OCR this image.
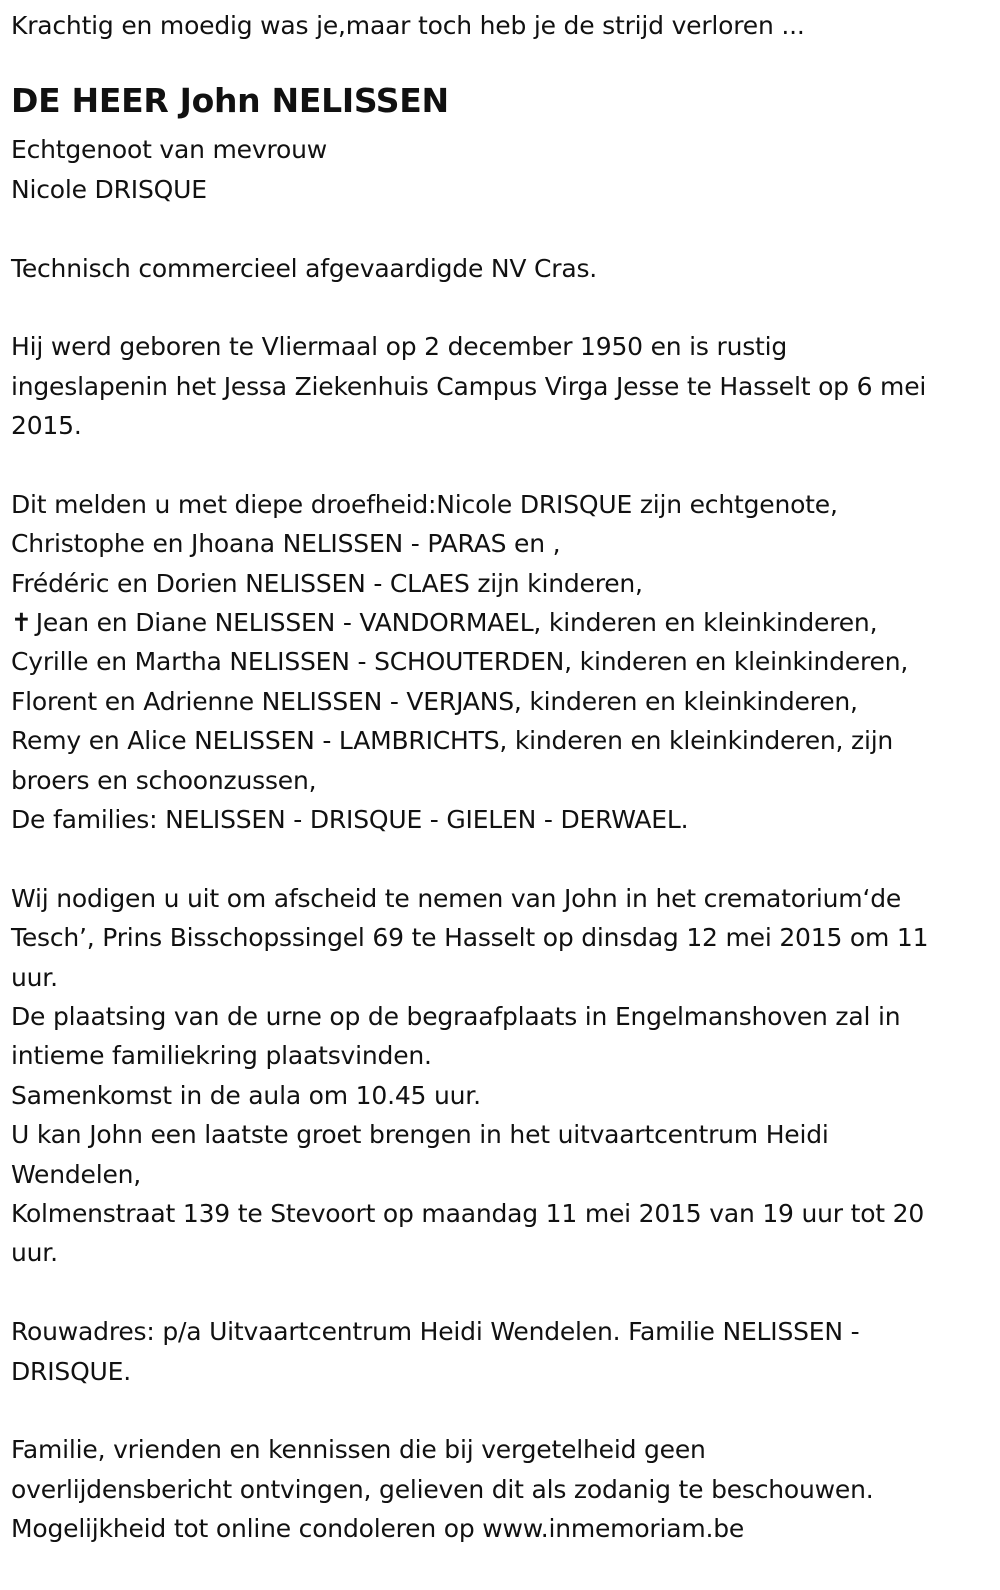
Krachtig en moedig was je,maar toch heb je de strijd verloren ...
DE HEER John NELISSEN
Echtgenoot van mevrouw
Nicole DRISQUE
Technisch commercieel afgevaardigde NV Cras.
Hij werd geboren te Vliermaal op 2 december 1950 en is rustig
ingeslapenin het Jessa Ziekenhuis Campus Virga Jesse te Hasselt op 6 mei
2015.
Dit melden u met diepe droefheid:Nicole DRISQUE zijn echtgenote,
Christophe en Jhoana NELISSEN - PARAS en ,
Frédéric en Dorien NELISSEN - CLAES zijn kinderen,
✝ Jean en Diane NELISSEN - VANDORMAEL, kinderen en kleinkinderen,
Cyrille en Martha NELISSEN - SCHOUTERDEN, kinderen en kleinkinderen,
Florent en Adrienne NELISSEN - VERJANS, kinderen en kleinkinderen,
Remy en Alice NELISSEN - LAMBRICHTS, kinderen en kleinkinderen, zijn
broers en schoonzussen,
De families: NELISSEN - DRISQUE - GIELEN - DERWAEL.
Wij nodigen u uit om afscheid te nemen van John in het crematorium‘de
Tesch’, Prins Bisschopssingel 69 te Hasselt op dinsdag 12 mei 2015 om 11
uur.
De plaatsing van de urne op de begraafplaats in Engelmanshoven zal in
intieme familiekring plaatsvinden.
Samenkomst in de aula om 10.45 uur.
U kan John een laatste groet brengen in het uitvaartcentrum Heidi
Wendelen,
Kolmenstraat 139 te Stevoort op maandag 11 mei 2015 van 19 uur tot 20
uur.
Rouwadres: p/a Uitvaartcentrum Heidi Wendelen. Familie NELISSEN -
DRISQUE.
Familie, vrienden en kennissen die bij vergetelheid geen
overlijdensbericht ontvingen, gelieven dit als zodanig te beschouwen.
Mogelijkheid tot online condoleren op www.inmemoriam.be
